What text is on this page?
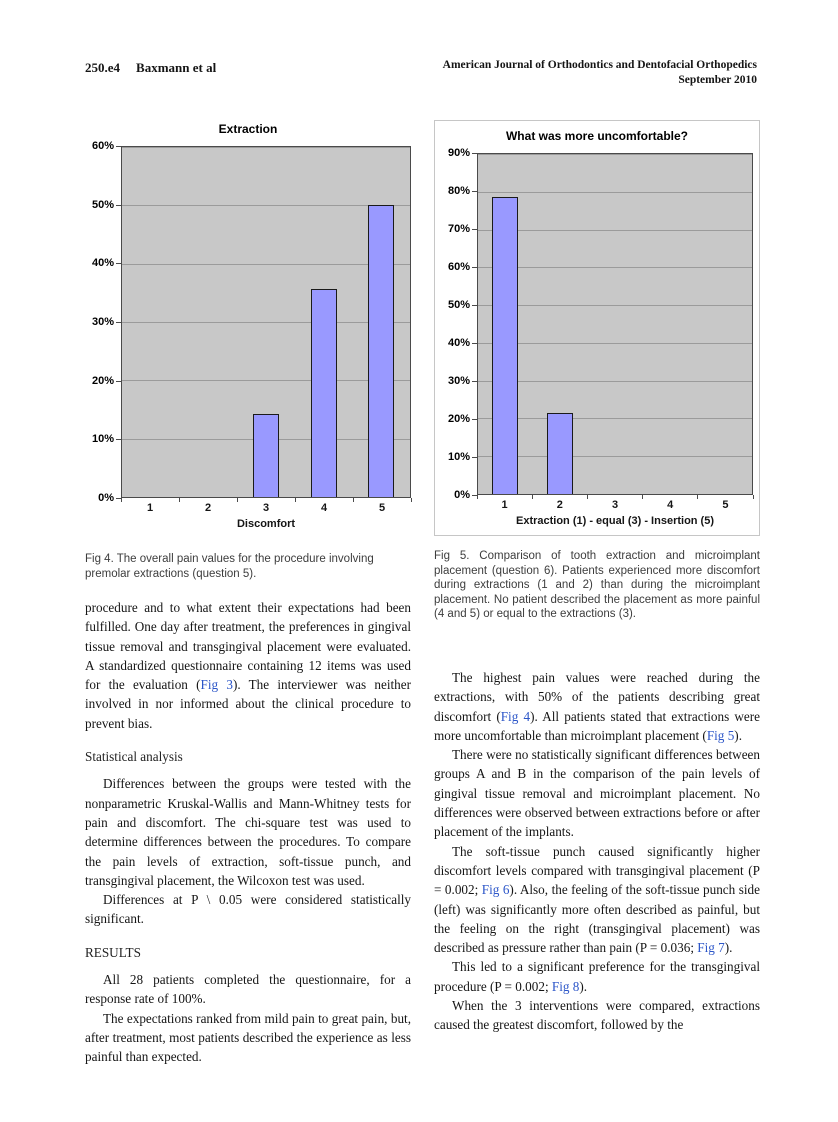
250.e4 Baxmann et al	American Journal of Orthodontics and Dentofacial Orthopedics
September 2010
Extraction
0%
10%
20%
30%
40%
50%
60%
1	2	3	4	5
Discomfort
What was more uncomfortable?
0%
10%
20%
30%
40%
50%
60%
70%
80%
90%
1	2	3	4	5
Extraction (1) - equal (3) - Insertion (5)
Fig 4. The overall pain values for the procedure involving premolar extractions (question 5).
Fig 5. Comparison of tooth extraction and microimplant placement (question 6). Patients experienced more discomfort during extractions (1 and 2) than during the microimplant placement. No patient described the placement as more painful (4 and 5) or equal to the extractions (3).

procedure and to what extent their expectations had been fulfilled. One day after treatment, the preferences in gingival tissue removal and transgingival placement were evaluated. A standardized questionnaire containing 12 items was used for the evaluation (Fig 3). The interviewer was neither involved in nor informed about the clinical procedure to prevent bias.

Statistical analysis

Differences between the groups were tested with the nonparametric Kruskal-Wallis and Mann-Whitney tests for pain and discomfort. The chi-square test was used to determine differences between the procedures. To compare the pain levels of extraction, soft-tissue punch, and transgingival placement, the Wilcoxon test was used.

Differences at P \ 0.05 were considered statistically significant.

RESULTS

All 28 patients completed the questionnaire, for a response rate of 100%.

The expectations ranked from mild pain to great pain, but, after treatment, most patients described the experience as less painful than expected.

The highest pain values were reached during the extractions, with 50% of the patients describing great discomfort (Fig 4). All patients stated that extractions were more uncomfortable than microimplant placement (Fig 5).

There were no statistically significant differences between groups A and B in the comparison of the pain levels of gingival tissue removal and microimplant placement. No differences were observed between extractions before or after placement of the implants.

The soft-tissue punch caused significantly higher discomfort levels compared with transgingival placement (P = 0.002; Fig 6). Also, the feeling of the soft-tissue punch side (left) was significantly more often described as painful, but the feeling on the right (transgingival placement) was described as pressure rather than pain (P = 0.036; Fig 7).

This led to a significant preference for the transgingival procedure (P = 0.002; Fig 8).

When the 3 interventions were compared, extractions caused the greatest discomfort, followed by the
